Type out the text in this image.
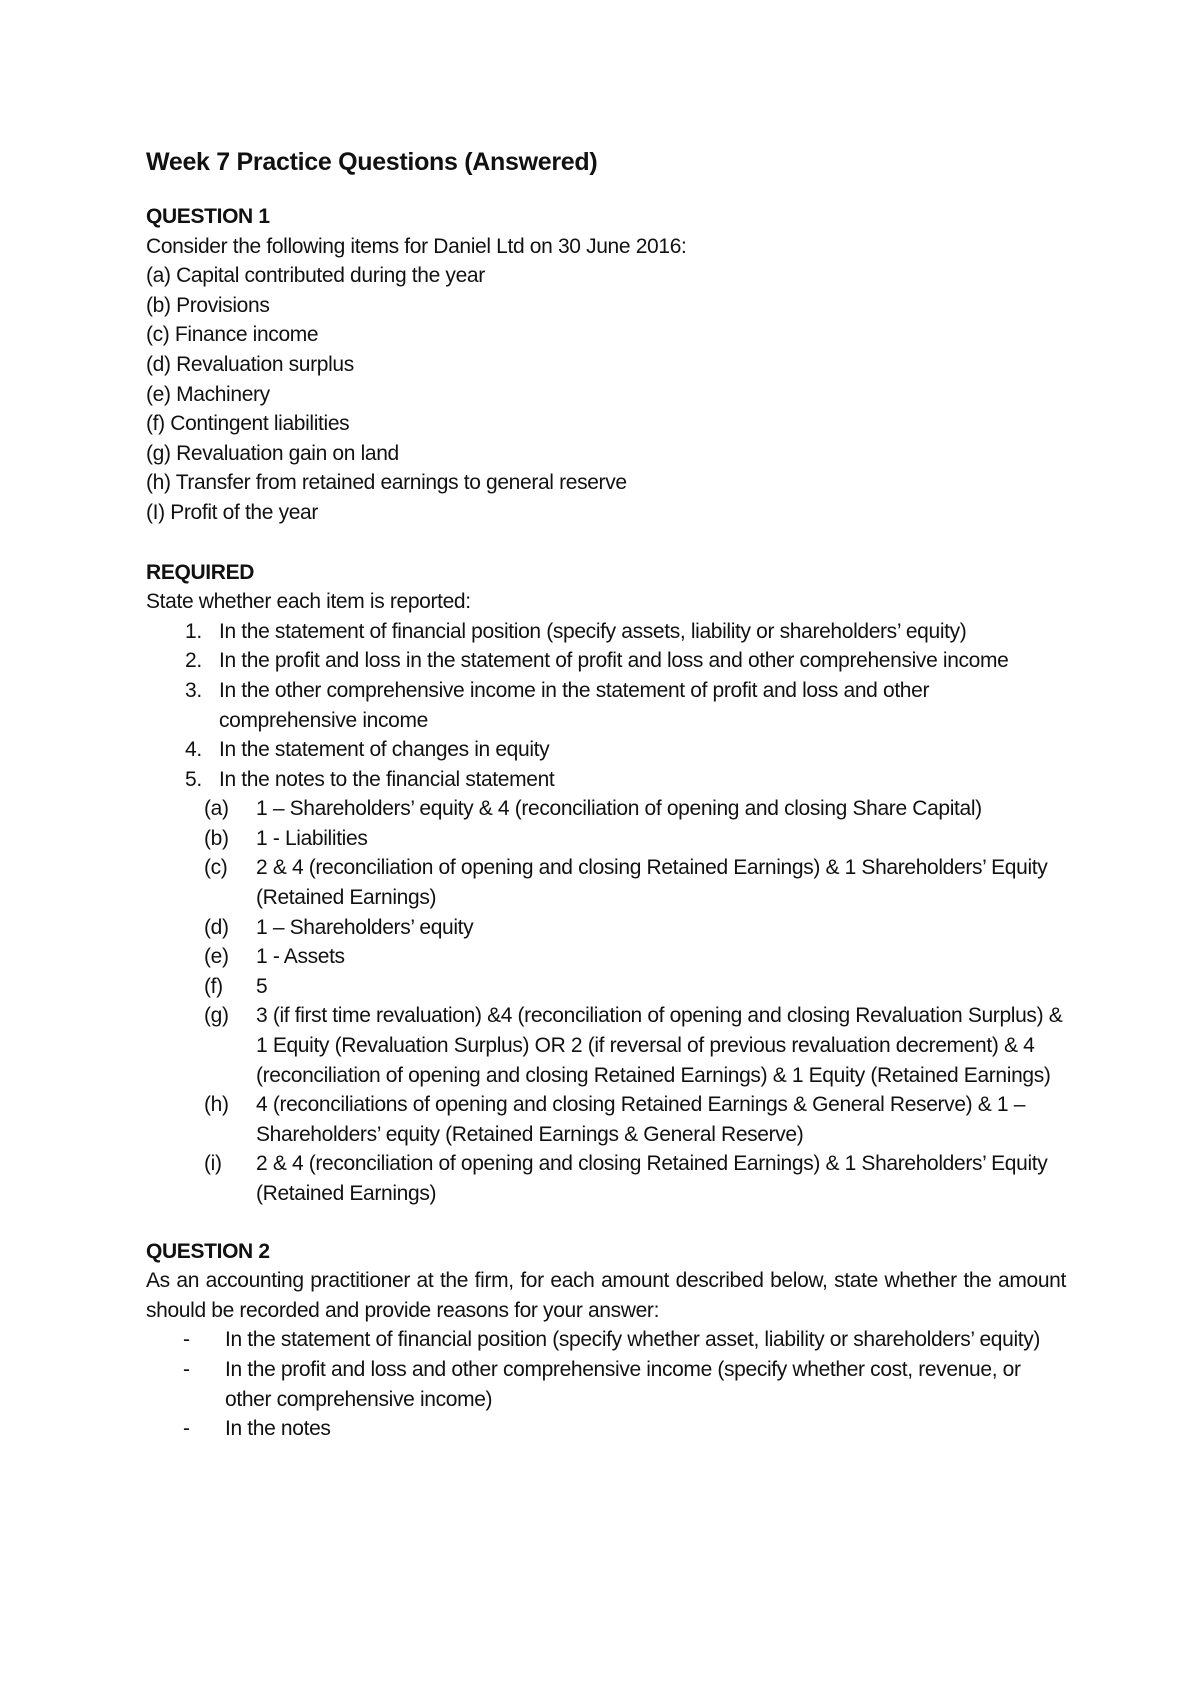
Week 7 Practice Questions (Answered)

QUESTION 1

Consider the following items for Daniel Ltd on 30 June 2016:

(a) Capital contributed during the year

(b) Provisions

(c) Finance income

(d) Revaluation surplus

(e) Machinery

(f) Contingent liabilities

(g) Revaluation gain on land

(h) Transfer from retained earnings to general reserve

(I) Profit of the year

REQUIRED

State whether each item is reported:

1. In the statement of financial position (specify assets, liability or shareholders’ equity)
2. In the profit and loss in the statement of profit and loss and other comprehensive income
3. In the other comprehensive income in the statement of profit and loss and other comprehensive income
4. In the statement of changes in equity
5. In the notes to the financial statement
(a) 1 – Shareholders’ equity & 4 (reconciliation of opening and closing Share Capital)
(b) 1 - Liabilities
(c) 2 & 4 (reconciliation of opening and closing Retained Earnings) & 1 Shareholders’ Equity (Retained Earnings)
(d) 1 – Shareholders’ equity
(e) 1 - Assets
(f) 5
(g) 3 (if first time revaluation) &4 (reconciliation of opening and closing Revaluation Surplus) & 1 Equity (Revaluation Surplus) OR 2 (if reversal of previous revaluation decrement) & 4 (reconciliation of opening and closing Retained Earnings) & 1 Equity (Retained Earnings)
(h) 4 (reconciliations of opening and closing Retained Earnings & General Reserve) & 1 – Shareholders’ equity (Retained Earnings & General Reserve)
(i) 2 & 4 (reconciliation of opening and closing Retained Earnings) & 1 Shareholders’ Equity (Retained Earnings)

QUESTION 2

As an accounting practitioner at the firm, for each amount described below, state whether the amount should be recorded and provide reasons for your answer:

- In the statement of financial position (specify whether asset, liability or shareholders’ equity)
- In the profit and loss and other comprehensive income (specify whether cost, revenue, or other comprehensive income)
- In the notes
